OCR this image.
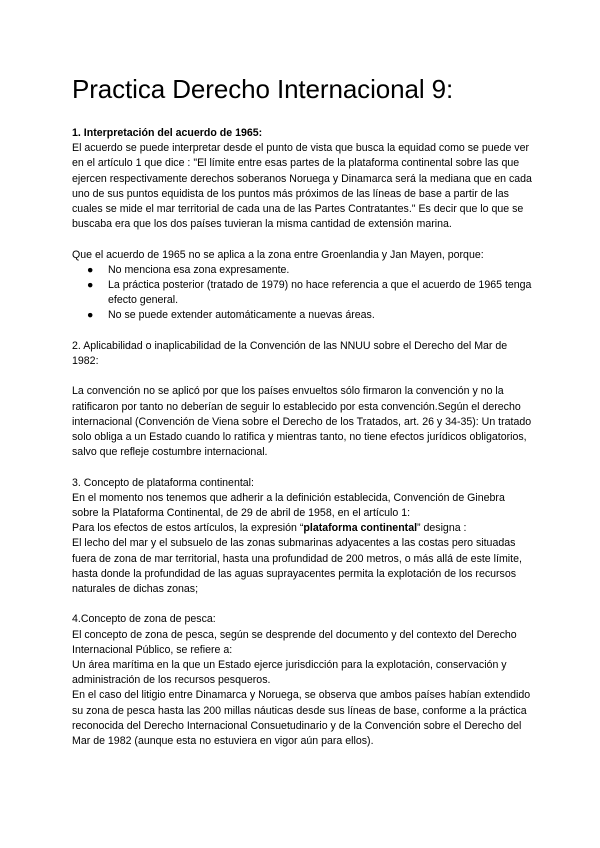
Practica Derecho Internacional 9:

1. Interpretación del acuerdo de 1965:

El acuerdo se puede interpretar desde el punto de vista que busca la equidad como se puede ver en el artículo 1 que dice : "El límite entre esas partes de la plataforma continental sobre las que ejercen respectivamente derechos soberanos Noruega y Dinamarca será la mediana que en cada uno de sus puntos equidista de los puntos más próximos de las líneas de base a partir de las cuales se mide el mar territorial de cada una de las Partes Contratantes." Es decir que lo que se buscaba era que los dos países tuvieran la misma cantidad de extensión marina.

Que el acuerdo de 1965 no se aplica a la zona entre Groenlandia y Jan Mayen, porque:

● No menciona esa zona expresamente.
● La práctica posterior (tratado de 1979) no hace referencia a que el acuerdo de 1965 tenga efecto general.
● No se puede extender automáticamente a nuevas áreas.

2. Aplicabilidad o inaplicabilidad de la Convención de las NNUU sobre el Derecho del Mar de 1982:

La convención no se aplicó por que los países envueltos sólo firmaron la convención y no la ratificaron por tanto no deberían de seguir lo establecido por esta convención.Según el derecho internacional (Convención de Viena sobre el Derecho de los Tratados, art. 26 y 34-35): Un tratado solo obliga a un Estado cuando lo ratifica y mientras tanto, no tiene efectos jurídicos obligatorios, salvo que refleje costumbre internacional.

3. Concepto de plataforma continental:

En el momento nos tenemos que adherir a la definición establecida, Convención de Ginebra sobre la Plataforma Continental, de 29 de abril de 1958, en el artículo 1:

Para los efectos de estos artículos, la expresión “plataforma continental” designa :

El lecho del mar y el subsuelo de las zonas submarinas adyacentes a las costas pero situadas fuera de zona de mar territorial, hasta una profundidad de 200 metros, o más allá de este límite, hasta donde la profundidad de las aguas suprayacentes permita la explotación de los recursos naturales de dichas zonas;

4.Concepto de zona de pesca:

El concepto de zona de pesca, según se desprende del documento y del contexto del Derecho Internacional Público, se refiere a:

Un área marítima en la que un Estado ejerce jurisdicción para la explotación, conservación y administración de los recursos pesqueros.

En el caso del litigio entre Dinamarca y Noruega, se observa que ambos países habían extendido su zona de pesca hasta las 200 millas náuticas desde sus líneas de base, conforme a la práctica reconocida del Derecho Internacional Consuetudinario y de la Convención sobre el Derecho del Mar de 1982 (aunque esta no estuviera en vigor aún para ellos).
